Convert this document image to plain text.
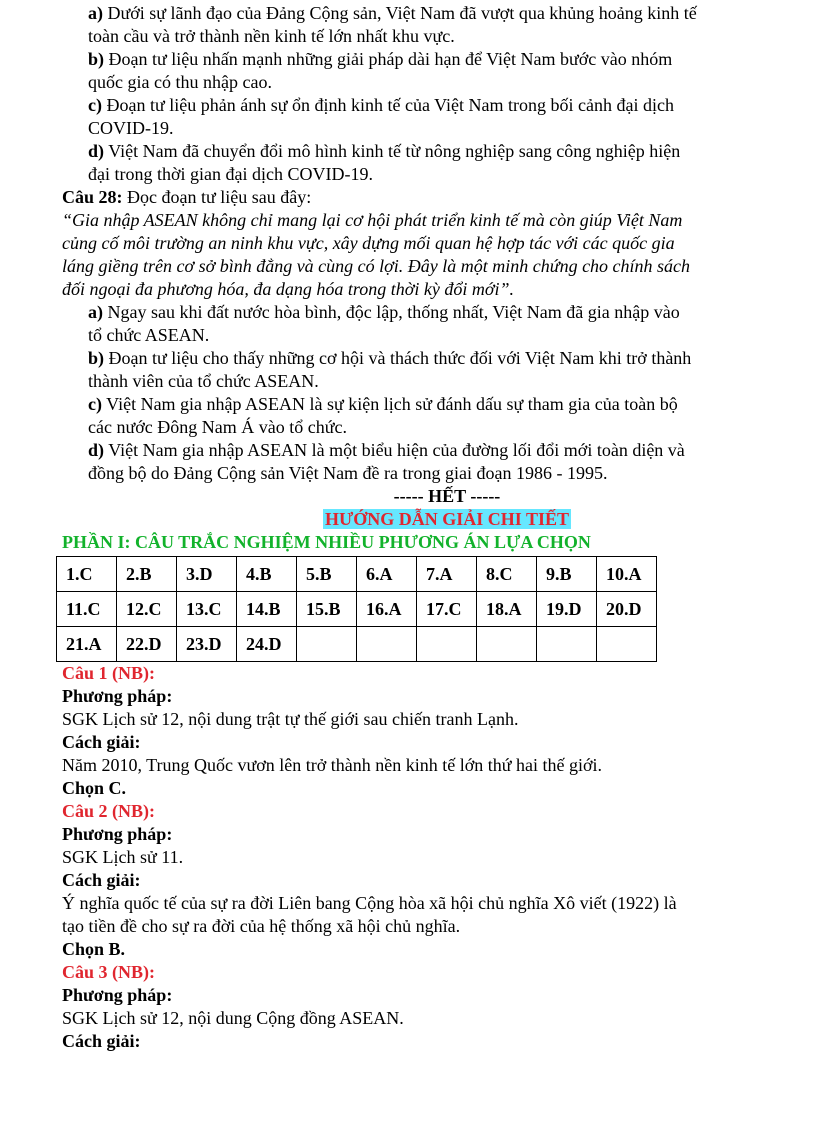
a) Dưới sự lãnh đạo của Đảng Cộng sản, Việt Nam đã vượt qua khủng hoảng kinh tế
toàn cầu và trở thành nền kinh tế lớn nhất khu vực.
b) Đoạn tư liệu nhấn mạnh những giải pháp dài hạn để Việt Nam bước vào nhóm
quốc gia có thu nhập cao.
c) Đoạn tư liệu phản ánh sự ổn định kinh tế của Việt Nam trong bối cảnh đại dịch
COVID-19.
d) Việt Nam đã chuyển đổi mô hình kinh tế từ nông nghiệp sang công nghiệp hiện
đại trong thời gian đại dịch COVID-19.
Câu 28: Đọc đoạn tư liệu sau đây:
“Gia nhập ASEAN không chỉ mang lại cơ hội phát triển kinh tế mà còn giúp Việt Nam
củng cố môi trường an ninh khu vực, xây dựng mối quan hệ hợp tác với các quốc gia
láng giềng trên cơ sở bình đẳng và cùng có lợi. Đây là một minh chứng cho chính sách
đối ngoại đa phương hóa, đa dạng hóa trong thời kỳ đổi mới”.
a) Ngay sau khi đất nước hòa bình, độc lập, thống nhất, Việt Nam đã gia nhập vào
tổ chức ASEAN.
b) Đoạn tư liệu cho thấy những cơ hội và thách thức đối với Việt Nam khi trở thành
thành viên của tổ chức ASEAN.
c) Việt Nam gia nhập ASEAN là sự kiện lịch sử đánh dấu sự tham gia của toàn bộ
các nước Đông Nam Á vào tổ chức.
d) Việt Nam gia nhập ASEAN là một biểu hiện của đường lối đổi mới toàn diện và
đồng bộ do Đảng Cộng sản Việt Nam đề ra trong giai đoạn 1986 - 1995.
----- HẾT -----
HƯỚNG DẪN GIẢI CHI TIẾT
PHẦN I: CÂU TRẮC NGHIỆM NHIỀU PHƯƠNG ÁN LỰA CHỌN
1.C	2.B	3.D	4.B	5.B	6.A	7.A	8.C	9.B	10.A
11.C	12.C	13.C	14.B	15.B	16.A	17.C	18.A	19.D	20.D
21.A	22.D	23.D	24.D						
Câu 1 (NB):
Phương pháp:
SGK Lịch sử 12, nội dung trật tự thế giới sau chiến tranh Lạnh.
Cách giải:
Năm 2010, Trung Quốc vươn lên trở thành nền kinh tế lớn thứ hai thế giới.
Chọn C.
Câu 2 (NB):
Phương pháp:
SGK Lịch sử 11.
Cách giải:
Ý nghĩa quốc tế của sự ra đời Liên bang Cộng hòa xã hội chủ nghĩa Xô viết (1922) là
tạo tiền đề cho sự ra đời của hệ thống xã hội chủ nghĩa.
Chọn B.
Câu 3 (NB):
Phương pháp:
SGK Lịch sử 12, nội dung Cộng đồng ASEAN.
Cách giải:
